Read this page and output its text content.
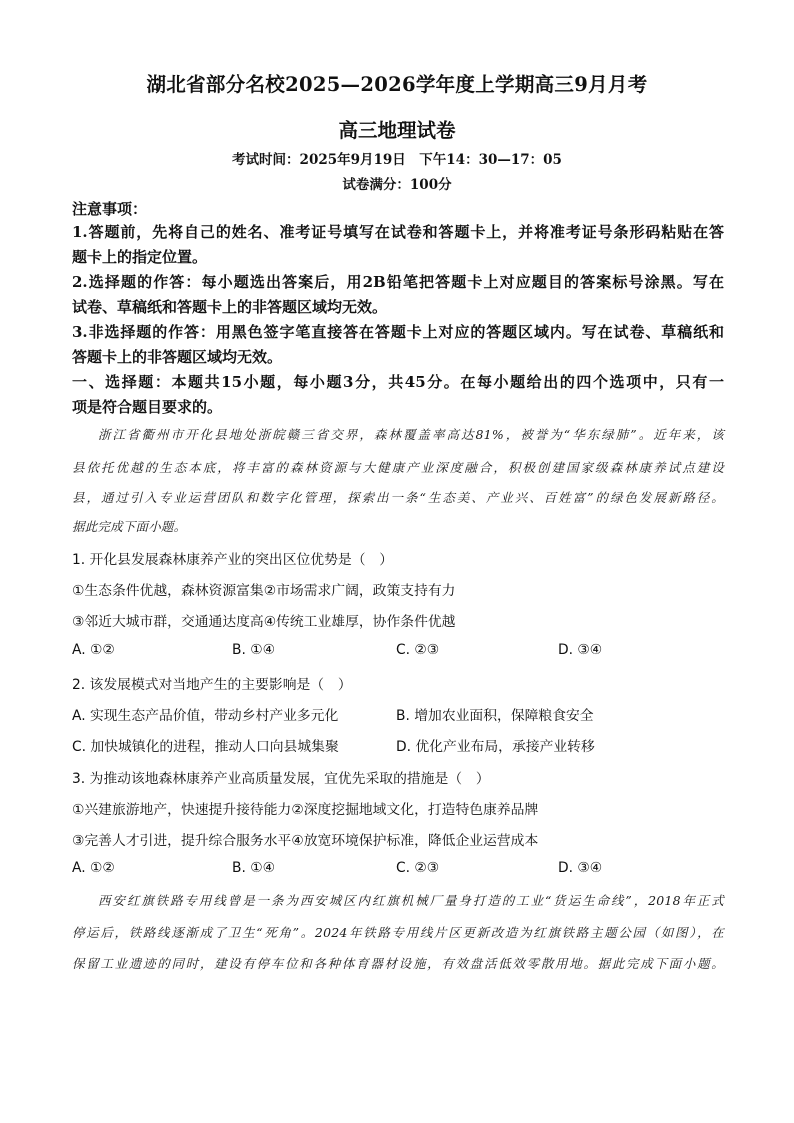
湖北省部分名校2025—2026学年度上学期高三9月月考
高三地理试卷
考试时间：2025年9月19日　下午14：30—17：05
试卷满分：100分
注意事项：
1.答题前，先将自己的姓名、准考证号填写在试卷和答题卡上，并将准考证号条形码粘贴在答
题卡上的指定位置。
2.选择题的作答：每小题选出答案后，用2B铅笔把答题卡上对应题目的答案标号涂黑。写在
试卷、草稿纸和答题卡上的非答题区域均无效。
3.非选择题的作答：用黑色签字笔直接答在答题卡上对应的答题区域内。写在试卷、草稿纸和
答题卡上的非答题区域均无效。
一、选择题：本题共15小题，每小题3分，共45分。在每小题给出的四个选项中，只有一
项是符合题目要求的。
浙江省衢州市开化县地处浙皖赣三省交界，森林覆盖率高达81%，被誉为“华东绿肺”。近年来，该
县依托优越的生态本底，将丰富的森林资源与大健康产业深度融合，积极创建国家级森林康养试点建设
县，通过引入专业运营团队和数字化管理，探索出一条“生态美、产业兴、百姓富”的绿色发展新路径。
据此完成下面小题。
1. 开化县发展森林康养产业的突出区位优势是（　）
①生态条件优越，森林资源富集②市场需求广阔，政策支持有力
③邻近大城市群，交通通达度高④传统工业雄厚，协作条件优越
A. ①②	B. ①④	C. ②③	D. ③④
2. 该发展模式对当地产生的主要影响是（　）
A. 实现生态产品价值，带动乡村产业多元化	B. 增加农业面积，保障粮食安全
C. 加快城镇化的进程，推动人口向县城集聚	D. 优化产业布局，承接产业转移
3. 为推动该地森林康养产业高质量发展，宜优先采取的措施是（　）
①兴建旅游地产，快速提升接待能力②深度挖掘地域文化，打造特色康养品牌
③完善人才引进，提升综合服务水平④放宽环境保护标准，降低企业运营成本
A. ①②	B. ①④	C. ②③	D. ③④
西安红旗铁路专用线曾是一条为西安城区内红旗机械厂量身打造的工业“货运生命线”，2018年正式
停运后，铁路线逐渐成了卫生“死角”。2024年铁路专用线片区更新改造为红旗铁路主题公园（如图），在
保留工业遗迹的同时，建设有停车位和各种体育器材设施，有效盘活低效零散用地。据此完成下面小题。
